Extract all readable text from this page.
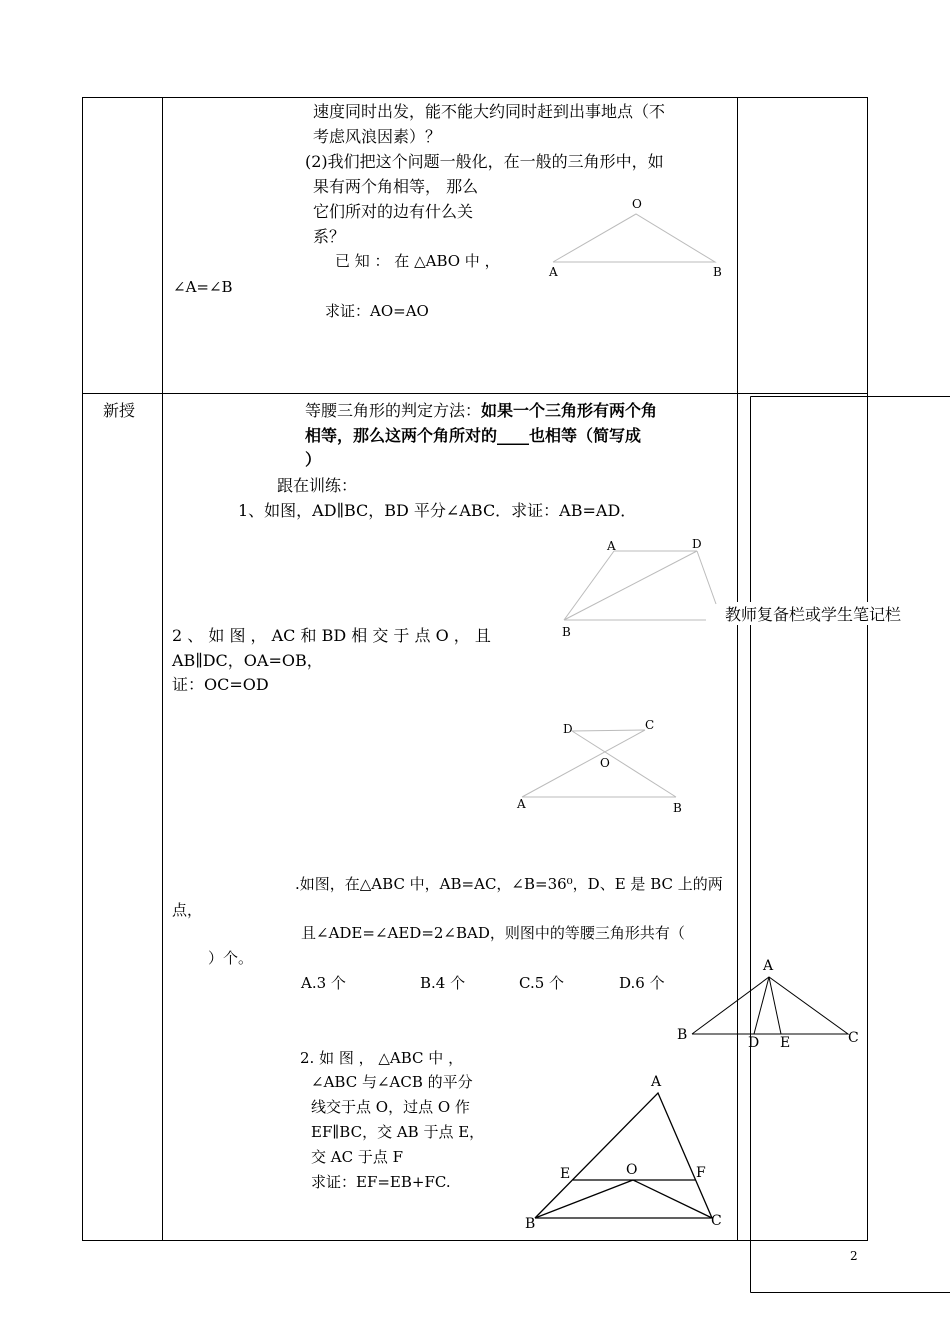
新授
速度同时出发，能不能大约同时赶到出事地点（不
考虑风浪因素）？
(2)我们把这个问题一般化，在一般的三角形中，如
果有两个角相等， 那么
它们所对的边有什么关
系？
已 知 ： 在 △ABO 中 ，
∠A=∠B
求证：AO=AO
O
A	B
等腰三角形的判定方法：如果一个三角形有两个角
相等，那么这两个角所对的____也相等（简写成
）
跟在训练：
1、如图，AD∥BC，BD 平分∠ABC．求证：AB=AD．
A	D
B
2 、 如 图 ， AC 和 BD 相 交 于 点 O ， 且
AB∥DC，OA=OB，
证：OC=OD
D	C
O
A	B
.如图，在△ABC 中，AB=AC，∠B=36⁰，D、E 是 BC 上的两
点，
且∠ADE=∠AED=2∠BAD，则图中的等腰三角形共有（
）个。
A.3 个	B.4 个	C.5 个	D.6 个
A
B	D E	C
2. 如 图 ， △ABC 中 ，
∠ABC 与∠ACB 的平分
线交于点 O，过点 O 作
EF∥BC，交 AB 于点 E，
交 AC 于点 F
求证：EF=EB+FC.
A
E	O	F
B	C
教师复备栏或学生笔记栏
2
